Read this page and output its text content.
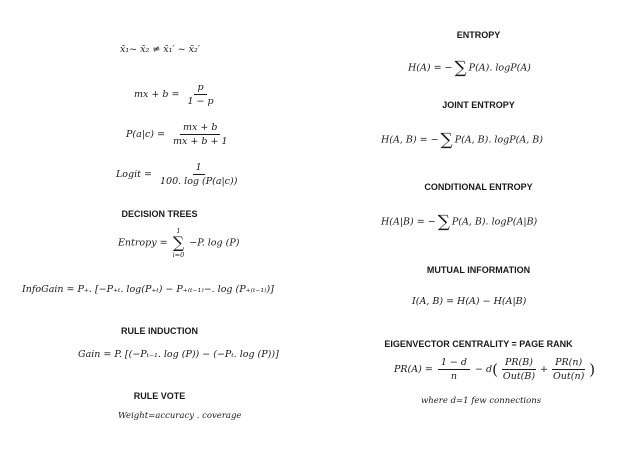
x̄₁~ x̄₂ ≠ x̄₁′ ~ x̄₂′
mx + $b = \frac{p}{1 - p}$
$P(a|c) = \frac{mx + b}{mx + b + 1}$
Logit = $\frac{1}{100. \log (P(a|c))}$
DECISION TREES
Entropy =
1
∑
i=0
−P. log (P)
InfoGain = P₊. [−P₊ₜ. log(P₊ₜ) − P₊₍ₜ₋₁₎−. log (P₊₍ₜ₋₁₎)]
RULE INDUCTION
Gain = P. [(−Pₜ₋₁. log (P)) − (−Pₜ. log (P))]
RULE VOTE
Weight=accuracy . coverage
ENTROPY
H(A) = − ∑ P(A). logP(A)
JOINT ENTROPY
H(A, B) = − ∑ P(A, B). logP(A, B)
CONDITIONAL ENTROPY
H(A|B) = − ∑ P(A, B). logP(A|B)
MUTUAL INFORMATION
I(A, B) = H(A) − H(A|B)
EIGENVECTOR CENTRALITY = PAGE RANK
$PR(A) = \frac{1 - d}{n} - d( \frac{PR(B)}{\text{Out(B)}} + \frac{PR(n)}{\text{Out(n)}}$ )
where d=1 few connections
